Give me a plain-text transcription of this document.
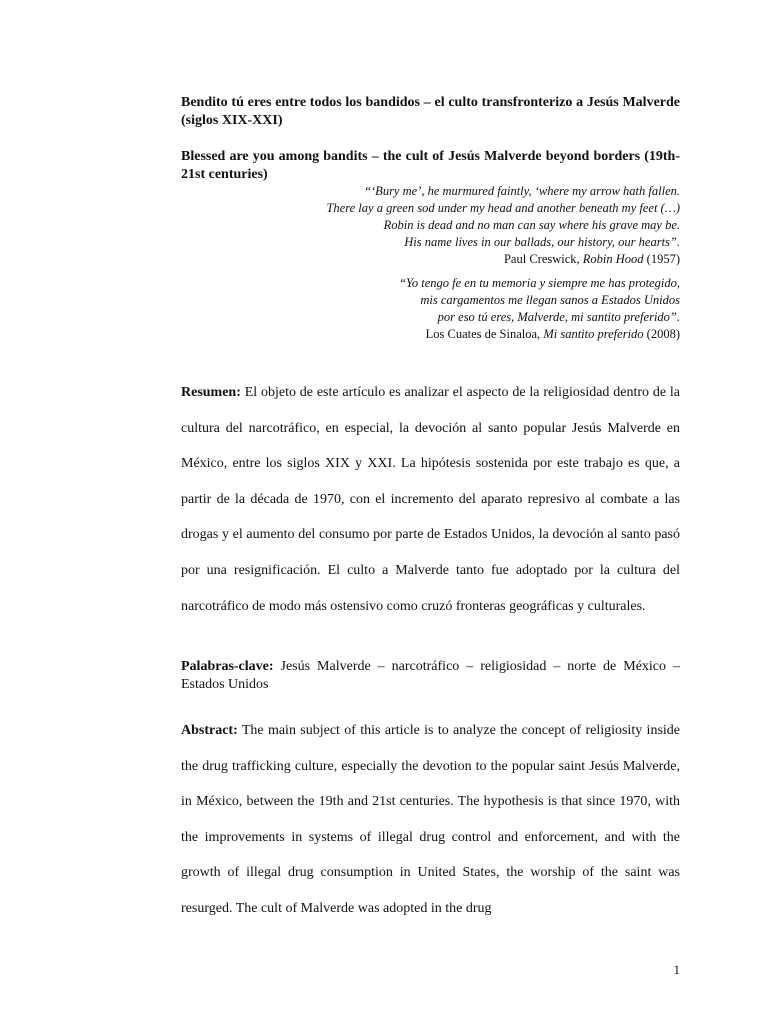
Bendito tú eres entre todos los bandidos – el culto transfronterizo a Jesús Malverde (siglos XIX-XXI)
Blessed are you among bandits – the cult of Jesús Malverde beyond borders (19th-21st centuries)
“‘Bury me’, he murmured faintly, ‘where my arrow hath fallen.
There lay a green sod under my head and another beneath my feet (…)
Robin is dead and no man can say where his grave may be.
His name lives in our ballads, our history, our hearts”.
Paul Creswick, Robin Hood (1957)
“Yo tengo fe en tu memoria y siempre me has protegido,
mis cargamentos me llegan sanos a Estados Unidos
por eso tú eres, Malverde, mi santito preferido”.
Los Cuates de Sinaloa, Mi santito preferido (2008)

Resumen: El objeto de este artículo es analizar el aspecto de la religiosidad dentro de la cultura del narcotráfico, en especial, la devoción al santo popular Jesús Malverde en México, entre los siglos XIX y XXI. La hipótesis sostenida por este trabajo es que, a partir de la década de 1970, con el incremento del aparato represivo al combate a las drogas y el aumento del consumo por parte de Estados Unidos, la devoción al santo pasó por una resignificación. El culto a Malverde tanto fue adoptado por la cultura del narcotráfico de modo más ostensivo como cruzó fronteras geográficas y culturales.

Palabras-clave: Jesús Malverde – narcotráfico – religiosidad – norte de México – Estados Unidos

Abstract: The main subject of this article is to analyze the concept of religiosity inside the drug trafficking culture, especially the devotion to the popular saint Jesús Malverde, in México, between the 19th and 21st centuries. The hypothesis is that since 1970, with the improvements in systems of illegal drug control and enforcement, and with the growth of illegal drug consumption in United States, the worship of the saint was resurged. The cult of Malverde was adopted in the drug

1
